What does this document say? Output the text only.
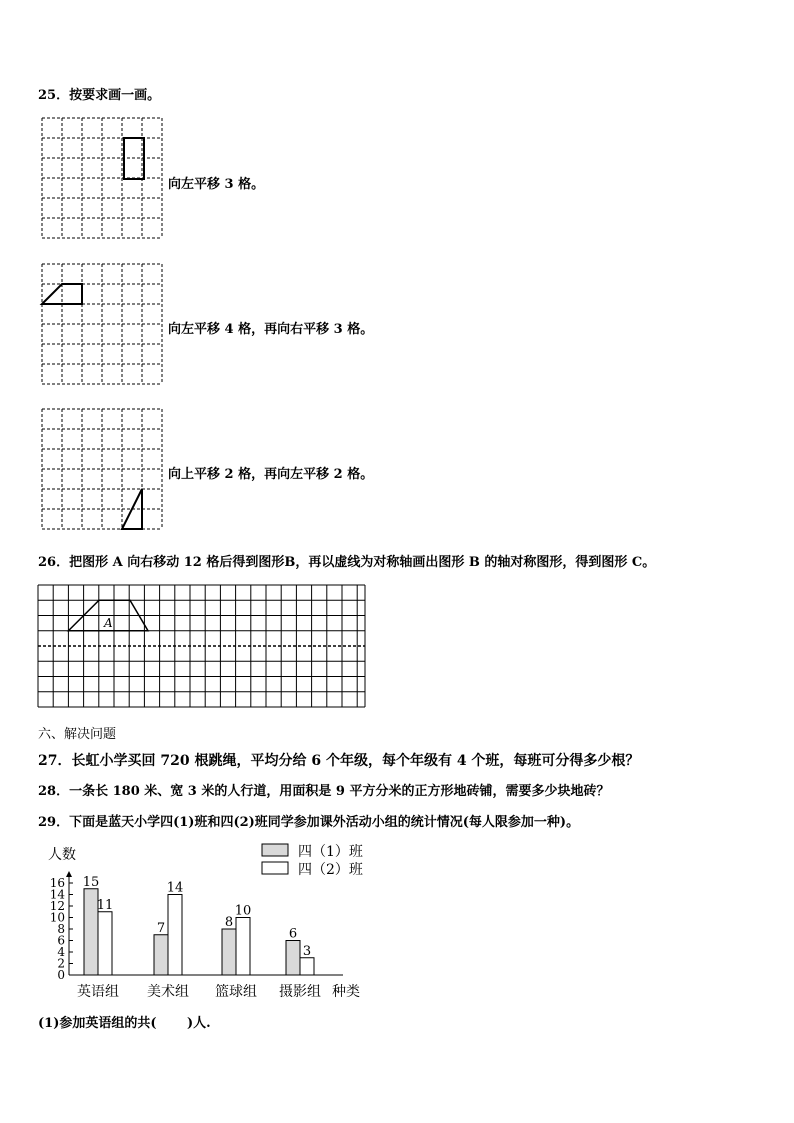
25．按要求画一画。
向左平移 3 格。
向左平移 4 格，再向右平移 3 格。
向上平移 2 格，再向左平移 2 格。
26．把图形 A 向右移动 12 格后得到图形B，再以虚线为对称轴画出图形 B 的轴对称图形，得到图形 C。
A
六、解决问题
27．长虹小学买回 720 根跳绳，平均分给 6 个年级，每个年级有 4 个班，每班可分得多少根？
28．一条长 180 米、宽 3 米的人行道，用面积是 9 平方分米的正方形地砖铺，需要多少块地砖？
29．下面是蓝天小学四(1)班和四(2)班同学参加课外活动小组的统计情况(每人限参加一种)。
人数
0
2
4
6
8
10
12
14
16 15
11
英语组
7
14
美术组
8
10
篮球组
6
3
摄影组 种类
四（1）班
四（2）班
(1)参加英语组的共(　　 )人.
